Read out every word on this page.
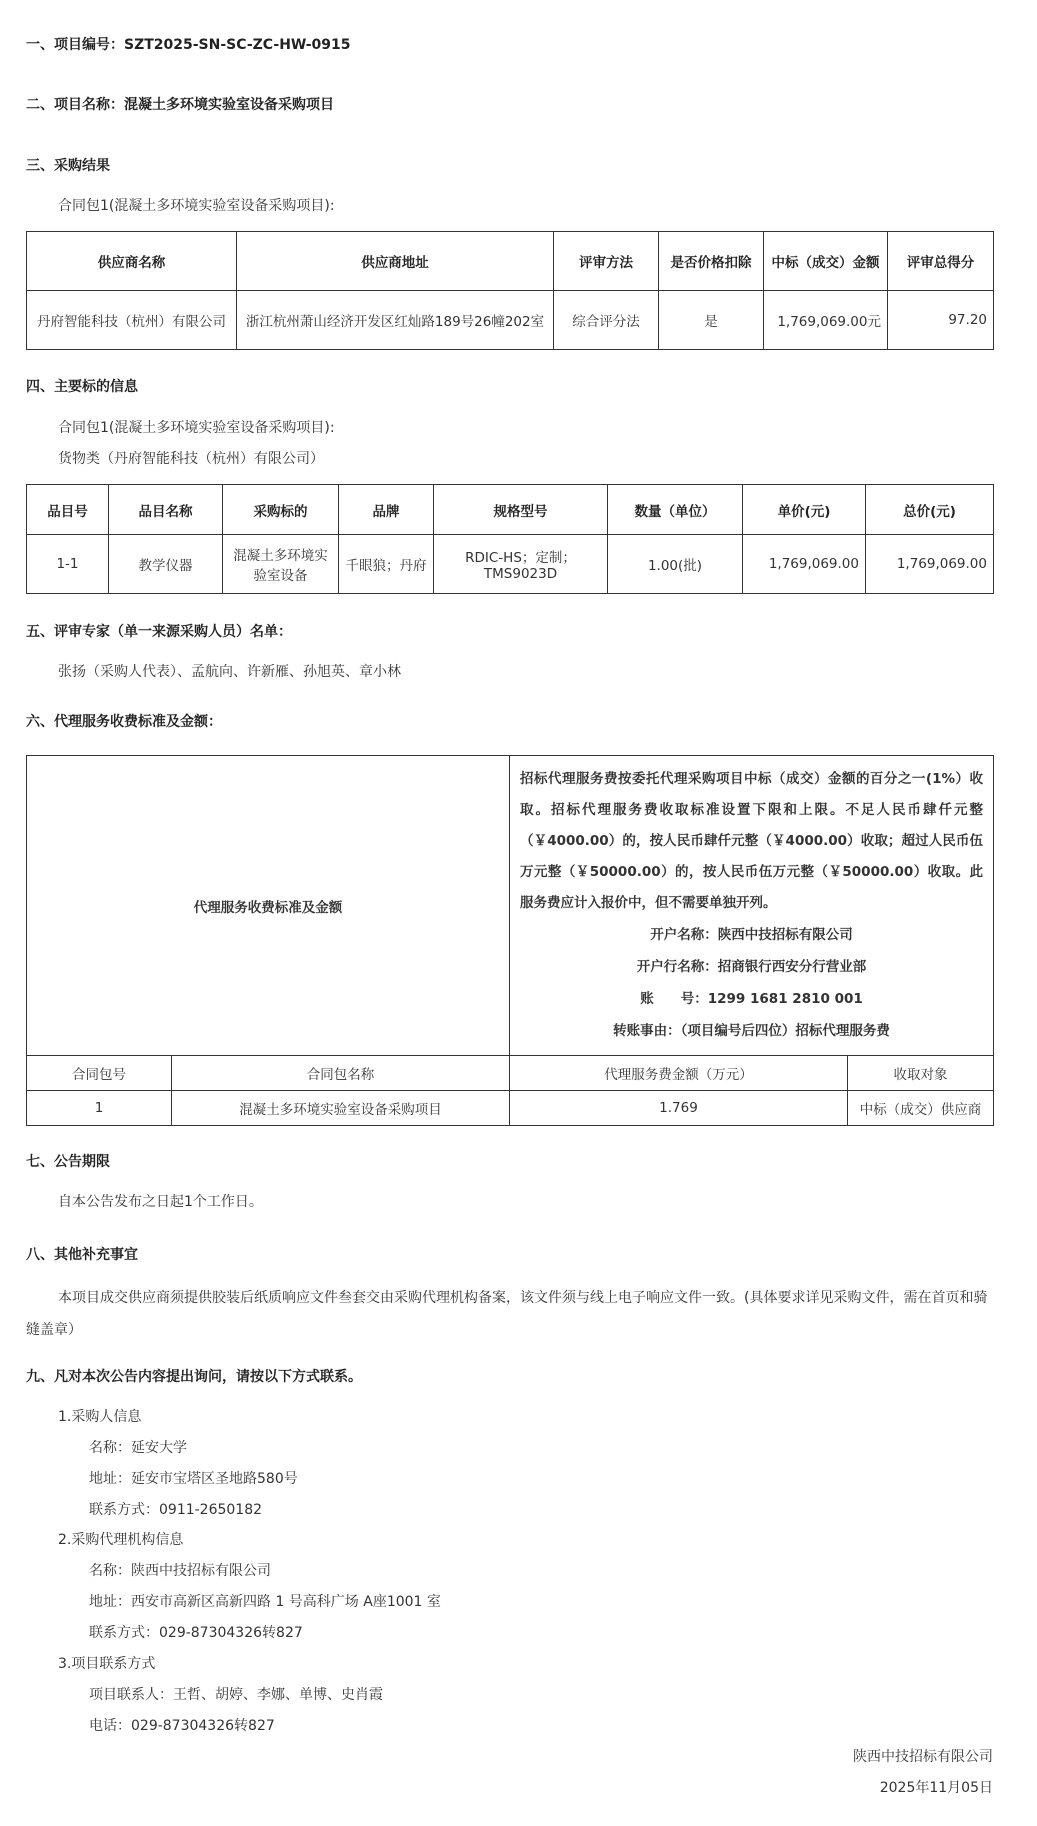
一、项目编号：SZT2025-SN-SC-ZC-HW-0915
二、项目名称：混凝土多环境实验室设备采购项目
三、采购结果
合同包1(混凝土多环境实验室设备采购项目):
供应商名称	供应商地址	评审方法	是否价格扣除	中标（成交）金额	评审总得分
丹府智能科技（杭州）有限公司	浙江杭州萧山经济开发区红灿路189号26幢202室	综合评分法	是	1,769,069.00元	97.20
四、主要标的信息
合同包1(混凝土多环境实验室设备采购项目):
货物类（丹府智能科技（杭州）有限公司）
品目号	品目名称	采购标的	品牌	规格型号	数量（单位）	单价(元)	总价(元)
1-1	教学仪器	混凝土多环境实验室设备	千眼狼；丹府	RDIC-HS；定制；TMS9023D	1.00(批)	1,769,069.00	1,769,069.00
五、评审专家（单一来源采购人员）名单：
张扬（采购人代表）、孟航向、许新雁、孙旭英、章小林
六、代理服务收费标准及金额：
代理服务收费标准及金额		招标代理服务费按委托代理采购项目中标（成交）金额的百分之一(1%）收取。招标代理服务费收取标准设置下限和上限。不足人民币肆仟元整（￥4000.00）的，按人民币肆仟元整（￥4000.00）收取；超过人民币伍万元整（￥50000.00）的，按人民币伍万元整（￥50000.00）收取。此服务费应计入报价中，但不需要单独开列。
开户名称：陕西中技招标有限公司
开户行名称：招商银行西安分行营业部
账　　号：1299 1681 2810 001
转账事由：（项目编号后四位）招标代理服务费	

合同包号	合同包名称	代理服务费金额（万元）	收取对象
1	混凝土多环境实验室设备采购项目	1.769	中标（成交）供应商
七、公告期限
自本公告发布之日起1个工作日。
八、其他补充事宜
本项目成交供应商须提供胶装后纸质响应文件叁套交由采购代理机构备案，该文件须与线上电子响应文件一致。(具体要求详见采购文件，需在首页和骑缝盖章）
九、凡对本次公告内容提出询问，请按以下方式联系。
1.采购人信息
名称：延安大学
地址：延安市宝塔区圣地路580号
联系方式：0911-2650182
2.采购代理机构信息
名称：陕西中技招标有限公司
地址：西安市高新区高新四路 1 号高科广场 A座1001 室
联系方式：029-87304326转827
3.项目联系方式
项目联系人：王哲、胡婷、李娜、单博、史肖霞
电话：029-87304326转827
陕西中技招标有限公司
2025年11月05日
